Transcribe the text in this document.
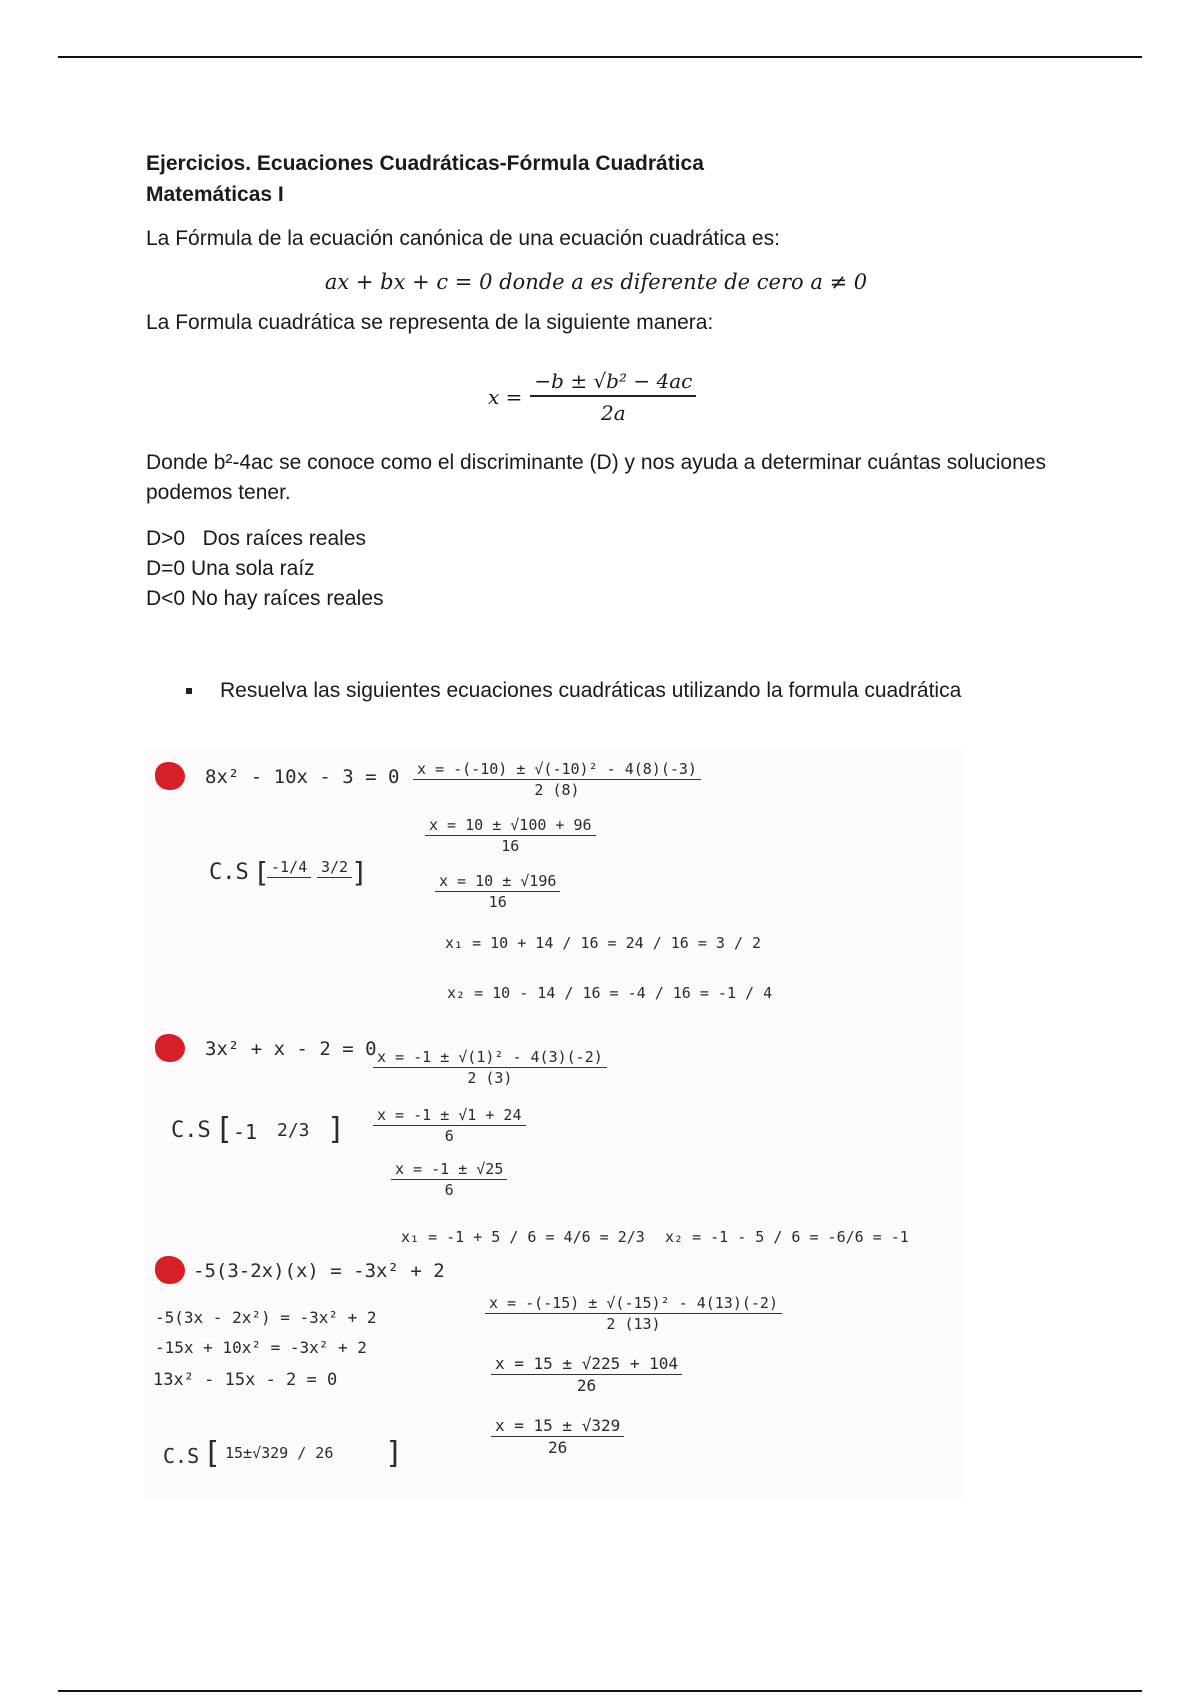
Ejercicios. Ecuaciones Cuadráticas-Fórmula Cuadrática

Matemáticas I

La Fórmula de la ecuación canónica de una ecuación cuadrática es:

ax + bx + c = 0 donde a es diferente de cero a ≠ 0

La Formula cuadrática se representa de la siguiente manera:

$x = \frac{\text{−b ± √b² − 4ac}}{2a}$

Donde b²-4ac se conoce como el discriminante (D) y nos ayuda a determinar cuántas soluciones podemos tener.

D>0   Dos raíces reales
D=0 Una sola raíz
D<0 No hay raíces reales
Resuelva las siguientes ecuaciones cuadráticas utilizando la formula cuadrática
8x² - 10x - 3 = 0
C.S [ -1/4 3/2 ]
$\frac{\text{x = -(-10) ± √(-10)² - 4(8)(-3)}}{2 (8)}$
$\frac{x = 10 \pm √100 + 96}{16}$
$\frac{x = 10 \pm √196}{16}$
x₁ = 10 + 14 / 16 = 24 / 16 = 3 / 2
x₂ = 10 - 14 / 16 = -4 / 16 = -1 / 4
3x² + x - 2 = 0
C.S [ -1 2/3 ]
$\frac{\text{x = -1 ± √(1)² - 4(3)(-2)}}{2 (3)}$
$\frac{x = -1 \pm √1 + 24}{6}$
$\frac{x = -1 \pm √25}{6}$
x₁ = -1 + 5 / 6 = 4/6 = 2/3 x₂ = -1 - 5 / 6 = -6/6 = -1
-5(3-2x)(x) = -3x² + 2
-5(3x - 2x²) = -3x² + 2
-15x + 10x² = -3x² + 2
13x² - 15x - 2 = 0
C.S [ 15±√329 / 26 ]
$\frac{\text{x = -(-15) ± √(-15)² - 4(13)(-2)}}{2 (13)}$
$\frac{x = 15 \pm √225 + 104}{26}$
$\frac{x = 15 \pm √329}{26}$
